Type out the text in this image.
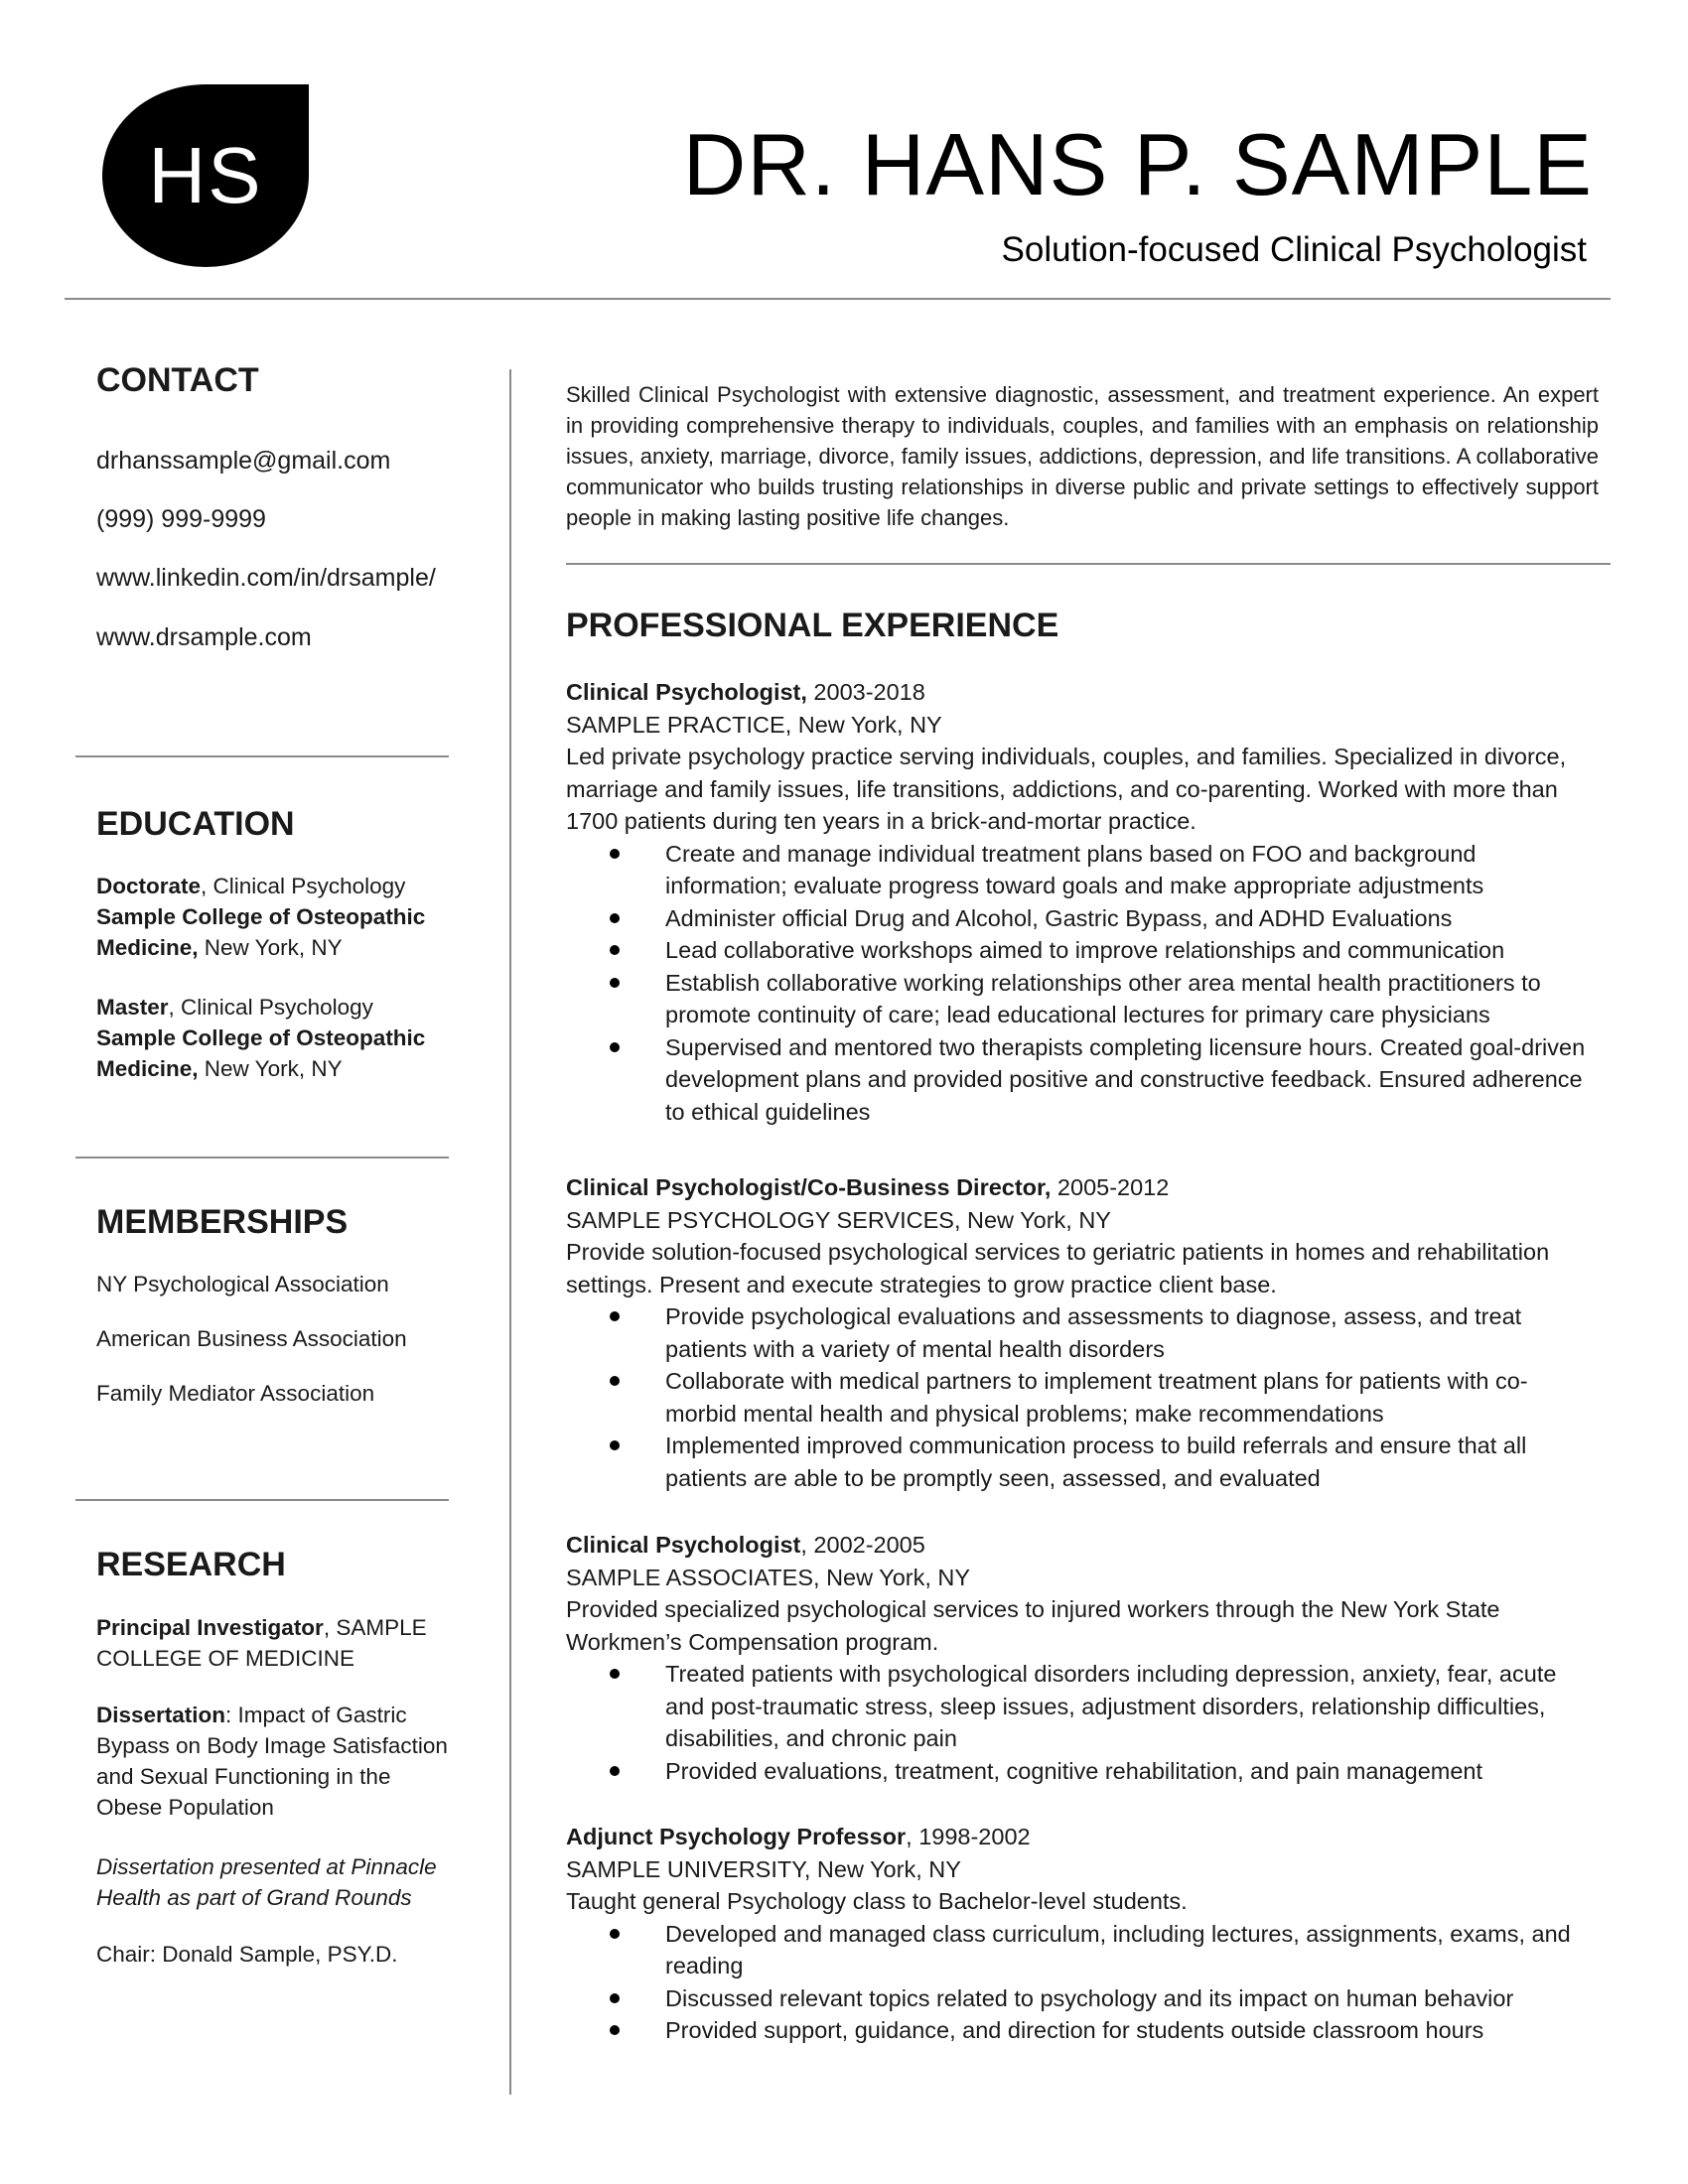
HS	DR. HANS P. SAMPLE
Solution-focused Clinical Psychologist
CONTACT
drhanssample@gmail.com
(999) 999-9999
www.linkedin.com/in/drsample/
www.drsample.com
EDUCATION
Doctorate, Clinical Psychology
Sample College of Osteopathic Medicine, New York, NY
Master, Clinical Psychology
Sample College of Osteopathic Medicine, New York, NY
MEMBERSHIPS
NY Psychological Association
American Business Association
Family Mediator Association
RESEARCH
Principal Investigator, SAMPLE COLLEGE OF MEDICINE
Dissertation: Impact of Gastric Bypass on Body Image Satisfaction and Sexual Functioning in the Obese Population
Dissertation presented at Pinnacle Health as part of Grand Rounds
Chair: Donald Sample, PSY.D.
Skilled Clinical Psychologist with extensive diagnostic, assessment, and treatment experience. An expert in providing comprehensive therapy to individuals, couples, and families with an emphasis on relationship issues, anxiety, marriage, divorce, family issues, addictions, depression, and life transitions. A collaborative communicator who builds trusting relationships in diverse public and private settings to effectively support people in making lasting positive life changes.
PROFESSIONAL EXPERIENCE

Clinical Psychologist, 2003-2018

SAMPLE PRACTICE, New York, NY

Led private psychology practice serving individuals, couples, and families. Specialized in divorce, marriage and family issues, life transitions, addictions, and co-parenting. Worked with more than 1700 patients during ten years in a brick-and-mortar practice.

Create and manage individual treatment plans based on FOO and background information; evaluate progress toward goals and make appropriate adjustments
Administer official Drug and Alcohol, Gastric Bypass, and ADHD Evaluations
Lead collaborative workshops aimed to improve relationships and communication
Establish collaborative working relationships other area mental health practitioners to promote continuity of care; lead educational lectures for primary care physicians
Supervised and mentored two therapists completing licensure hours. Created goal-driven development plans and provided positive and constructive feedback. Ensured adherence to ethical guidelines

Clinical Psychologist/Co-Business Director, 2005-2012

SAMPLE PSYCHOLOGY SERVICES, New York, NY

Provide solution-focused psychological services to geriatric patients in homes and rehabilitation settings. Present and execute strategies to grow practice client base.

Provide psychological evaluations and assessments to diagnose, assess, and treat patients with a variety of mental health disorders
Collaborate with medical partners to implement treatment plans for patients with co-morbid mental health and physical problems; make recommendations
Implemented improved communication process to build referrals and ensure that all patients are able to be promptly seen, assessed, and evaluated

Clinical Psychologist, 2002-2005

SAMPLE ASSOCIATES, New York, NY

Provided specialized psychological services to injured workers through the New York State Workmen’s Compensation program.

Treated patients with psychological disorders including depression, anxiety, fear, acute and post-traumatic stress, sleep issues, adjustment disorders, relationship difficulties, disabilities, and chronic pain
Provided evaluations, treatment, cognitive rehabilitation, and pain management

Adjunct Psychology Professor, 1998-2002

SAMPLE UNIVERSITY, New York, NY

Taught general Psychology class to Bachelor-level students.

Developed and managed class curriculum, including lectures, assignments, exams, and reading
Discussed relevant topics related to psychology and its impact on human behavior
Provided support, guidance, and direction for students outside classroom hours
